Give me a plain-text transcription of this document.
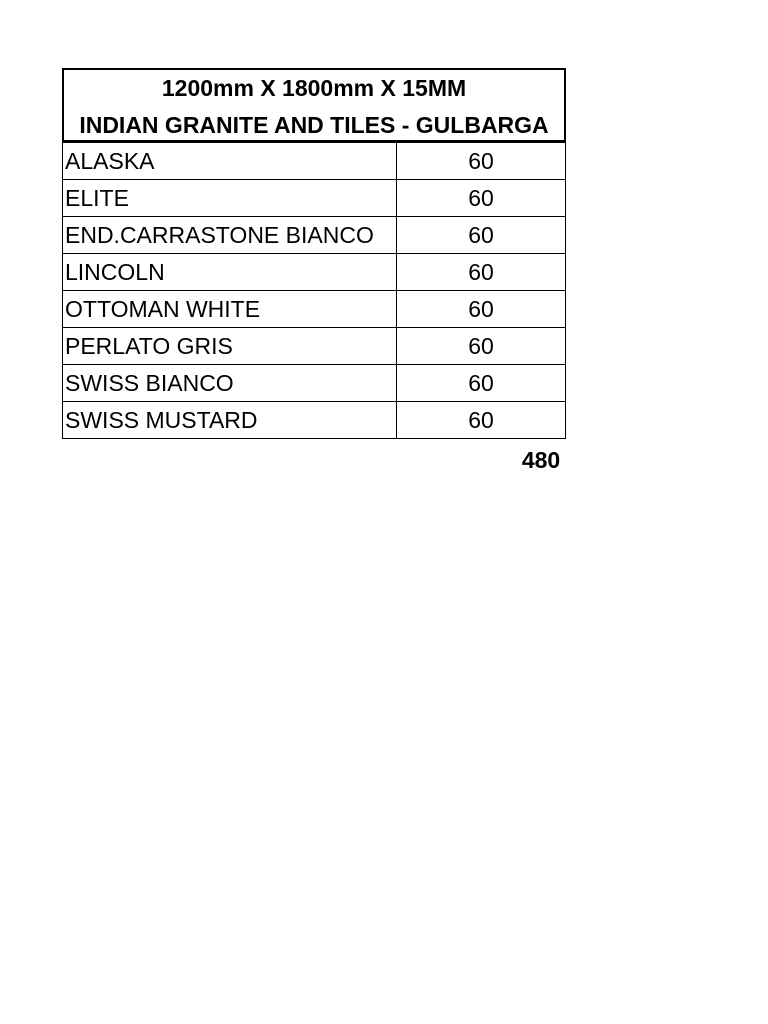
1200mm X 1800mm X 15MM
INDIAN GRANITE AND TILES - GULBARGA
ALASKA	60
ELITE	60
END.CARRASTONE BIANCO	60
LINCOLN	60
OTTOMAN WHITE	60
PERLATO GRIS	60
SWISS BIANCO	60
SWISS MUSTARD	60
480
